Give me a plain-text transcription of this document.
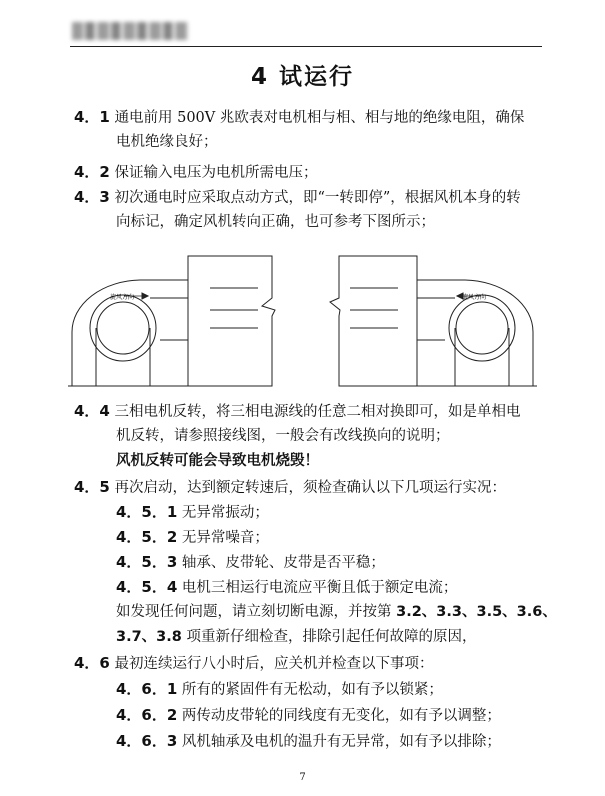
4 试运行
4．1 通电前用 500V 兆欧表对电机相与相、相与地的绝缘电阻，确保
电机绝缘良好；
4．2 保证输入电压为电机所需电压；
4．3 初次通电时应采取点动方式，即“一转即停”，根据风机本身的转
向标记，确定风机转向正确，也可参考下图所示；
旋风方向	旋风方向
4．4 三相电机反转，将三相电源线的任意二相对换即可，如是单相电
机反转，请参照接线图，一般会有改线换向的说明；
风机反转可能会导致电机烧毁！
4．5 再次启动，达到额定转速后，须检查确认以下几项运行实况：
4．5．1 无异常振动；
4．5．2 无异常噪音；
4．5．3 轴承、皮带轮、皮带是否平稳；
4．5．4 电机三相运行电流应平衡且低于额定电流；
如发现任何问题，请立刻切断电源，并按第 3.2、3.3、3.5、3.6、
3.7、3.8 项重新仔细检查，排除引起任何故障的原因，
4．6 最初连续运行八小时后，应关机并检查以下事项：
4．6．1 所有的紧固件有无松动，如有予以锁紧；
4．6．2 两传动皮带轮的同线度有无变化，如有予以调整；
4．6．3 风机轴承及电机的温升有无异常，如有予以排除；
7
